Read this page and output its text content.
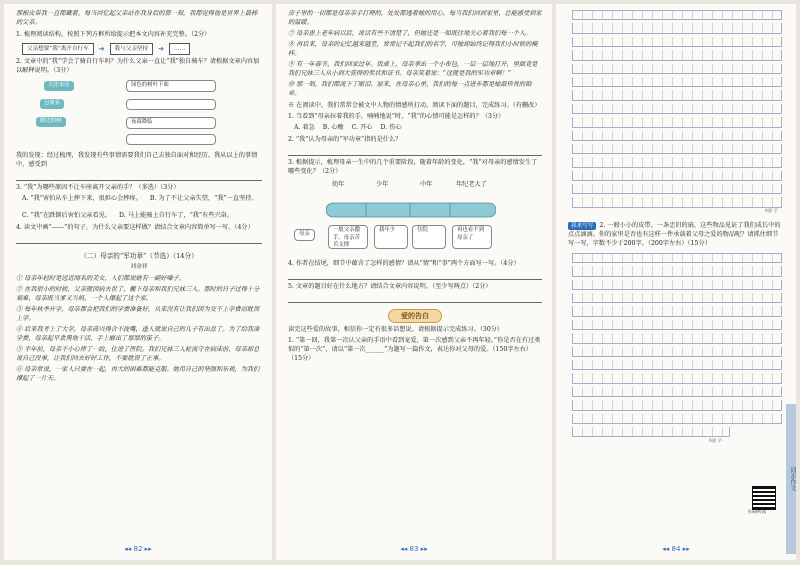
那根皮带我一直都藏着，每当回忆起父亲站在我身后的那一刻，我都觉得他是世界上最棒的父亲。

1. 梳理阅读结构，按照下列方框所给提示把本文内容补充完整。（2分）

父亲想要“我”离开自行车	➔	我与父亲坚持	➔	……

2. 文章中的“我”学会了骑自行车吗？为什么父亲一直让“我”独自骑车？请根据文章内容加以解释说明。（3分）

天还未亮
包裹着
路边的树
绿色的树叶下面
夜幕降临

我的发现：经过梳理，我发现有些事情需要我们自己去独自面对和经历。我从以上的事情中，感受到

3. “我”为哪些原因不让车座离开父亲的手？（多选）（3分）

A. “我”害怕从车上摔下来，很担心会摔疼。 B. 为了不让父亲失望，“我”一直坚持。
C. “我”在跌倒后害怕父亲看见。 D. 马上能骑上自行车了，“我”有些兴奋。

4. 读文中画“——”的句子，为什么父亲要这样做？请结合文章内容简单写一写。（4分）

（二）母亲的“军功章”（节选）（14分）
刘金祥

① 母亲年轻时是远近闻名的美女，人们都说她有一副好嗓子。

② 在我很小的时候，父亲就因病去世了，撇下母亲和我们兄妹三人。那时的日子过得十分艰难，母亲既当爹又当妈，一个人撑起了这个家。

③ 每年秋季开学，母亲都会把我们的学费准备好，从来没有让我们因为交不上学费而耽误上学。

④ 后来我考上了大学，母亲高兴得合不拢嘴，逢人就说自己的儿子有出息了。为了给我凑学费，母亲起早贪黑地干活，手上磨出了厚厚的茧子。

⑤ 半年前，母亲不小心摔了一跤，住进了医院。我们兄妹三人轮流守在病床前，母亲却总说自己没事，让我们回去好好工作，不要耽误了正事。

⑥ 母亲常说，一家人只要在一起，再大的困难都能克服。她用自己的坚强和乐观，为我们撑起了一片天。

◂◂ 82 ▸▸

房子里的一切都是母亲亲手打理的，处处都透着她的用心。每当我们回到家里，总能感受到家的温暖。

⑦ 母亲患上老年病以后，说话有些不清楚了，但她还是一如既往地关心着我们每一个人。

⑧ 再后来，母亲的记忆越来越差，常常记不起我们的名字，可她却始终记得我们小时候的模样。

⑨ 有一年春节，我们回家过年。饭桌上，母亲拿出一个小布包，一层一层地打开，里面竟是我们兄妹三人从小到大获得的奖状和证书。母亲笑着说：“这就是我的军功章啊！”

⑩ 那一刻，我们都流下了眼泪。原来，在母亲心里，我们的每一点进步都是她最珍贵的勋章。

※ 在阅读中，我们常常会被文中人物的情感所打动。阅读下面的题目，完成练习。（有删改）

1. 当看到“母亲拉着我的手，喃喃地说”时，“我”的心情可能是怎样的？（3分）

A. 着急 B. 心酸 C. 开心 D. 伤心

2. “我”认为母亲的“军功章”指的是什么？

3. 根据提示，梳理母亲一生中的几个重要阶段，随着年龄的变化，“我”对母亲的感情发生了哪些变化？（2分）

幼年	少年	中年	年纪老大了
母亲
一般父亲撒手，母亲苦苦支撑
我年少	住院	再也看不到母亲了

4. 作者在结尾，细节中蕴含了怎样的感情？请从“情”和“事”两个方面写一写。（4分）

5. 文章的题目好在什么地方？请结合文章内容说明。（至少写两点）（2分）

爱的告白

读完这些爱的故事，相信你一定有很多话想说。请根据提示完成练习。（30分）

1. “第一回，我第一次认父亲的手语中看到宠爱，第一次感到父亲不再年轻。”你是否在有过类似的“第一次”，请以“第一次______”为题写一篇作文，表达你对父母的爱。（150字左右）（15分）

◂◂ 83 ▸▸
A面 字

我来写写 2. 一般小小的皮带、一条忠旧的扇，这些物品见证了我们成长中的点点滴滴。你的家里是否也有这样一件承载着父母之爱的物品呢？请抓住细节写一写，字数不少于200字。（200字左右）（15分）

A面 字
扫码听读
同步作文
◂◂ 84 ▸▸
